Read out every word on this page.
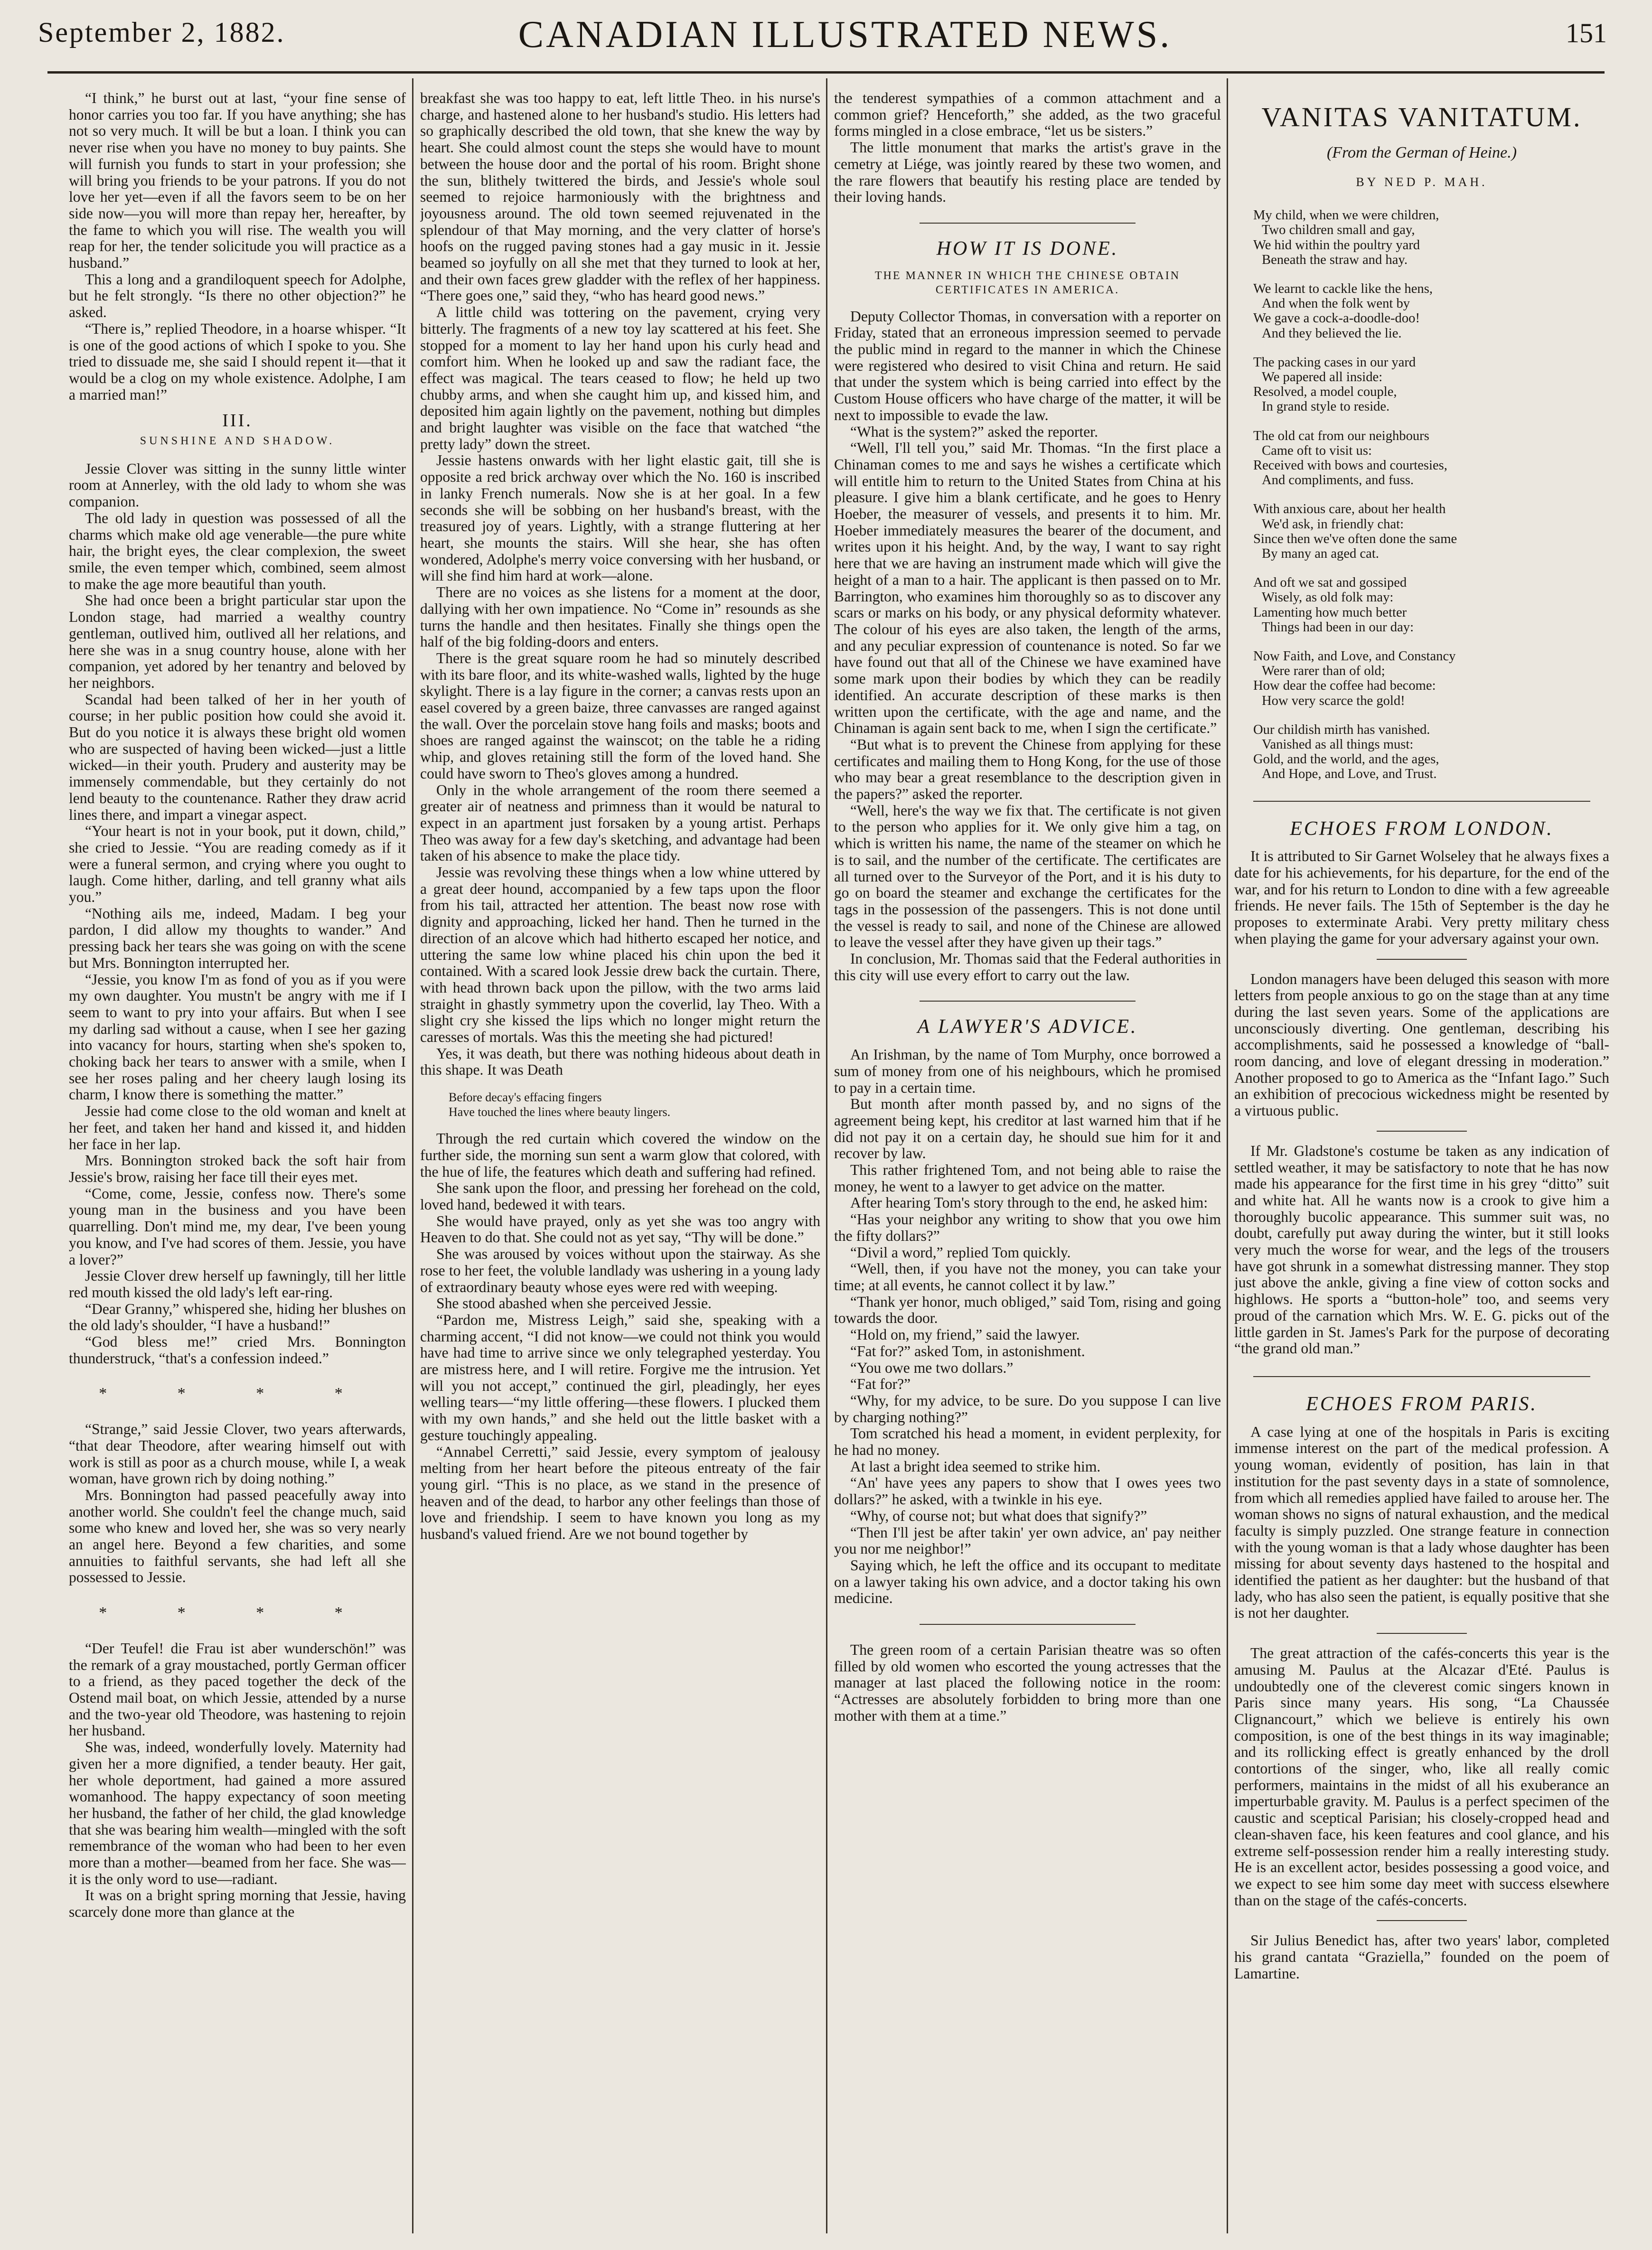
September 2, 1882.	CANADIAN ILLUSTRATED NEWS.	151

“I think,” he burst out at last, “your fine sense of honor carries you too far. If you have anything; she has not so very much. It will be but a loan. I think you can never rise when you have no money to buy paints. She will furnish you funds to start in your profession; she will bring you friends to be your patrons. If you do not love her yet—even if all the favors seem to be on her side now—you will more than repay her, hereafter, by the fame to which you will rise. The wealth you will reap for her, the tender solicitude you will practice as a husband.”

This a long and a grandiloquent speech for Adolphe, but he felt strongly. “Is there no other objection?” he asked.

“There is,” replied Theodore, in a hoarse whisper. “It is one of the good actions of which I spoke to you. She tried to dissuade me, she said I should repent it—that it would be a clog on my whole existence. Adolphe, I am a married man!”

III.
SUNSHINE AND SHADOW.

Jessie Clover was sitting in the sunny little winter room at Annerley, with the old lady to whom she was companion.

The old lady in question was possessed of all the charms which make old age venerable—the pure white hair, the bright eyes, the clear complexion, the sweet smile, the even temper which, combined, seem almost to make the age more beautiful than youth.

She had once been a bright particular star upon the London stage, had married a wealthy country gentleman, outlived him, outlived all her relations, and here she was in a snug country house, alone with her companion, yet adored by her tenantry and beloved by her neighbors.

Scandal had been talked of her in her youth of course; in her public position how could she avoid it. But do you notice it is always these bright old women who are suspected of having been wicked—just a little wicked—in their youth. Prudery and austerity may be immensely commendable, but they certainly do not lend beauty to the countenance. Rather they draw acrid lines there, and impart a vinegar aspect.

“Your heart is not in your book, put it down, child,” she cried to Jessie. “You are reading comedy as if it were a funeral sermon, and crying where you ought to laugh. Come hither, darling, and tell granny what ails you.”

“Nothing ails me, indeed, Madam. I beg your pardon, I did allow my thoughts to wander.” And pressing back her tears she was going on with the scene but Mrs. Bonnington interrupted her.

“Jessie, you know I'm as fond of you as if you were my own daughter. You mustn't be angry with me if I seem to want to pry into your affairs. But when I see my darling sad without a cause, when I see her gazing into vacancy for hours, starting when she's spoken to, choking back her tears to answer with a smile, when I see her roses paling and her cheery laugh losing its charm, I know there is something the matter.”

Jessie had come close to the old woman and knelt at her feet, and taken her hand and kissed it, and hidden her face in her lap.

Mrs. Bonnington stroked back the soft hair from Jessie's brow, raising her face till their eyes met.

“Come, come, Jessie, confess now. There's some young man in the business and you have been quarrelling. Don't mind me, my dear, I've been young you know, and I've had scores of them. Jessie, you have a lover?”

Jessie Clover drew herself up fawningly, till her little red mouth kissed the old lady's left ear-ring.

“Dear Granny,” whispered she, hiding her blushes on the old lady's shoulder, “I have a husband!”

“God bless me!” cried Mrs. Bonnington thunderstruck, “that's a confession indeed.”

* * * *

“Strange,” said Jessie Clover, two years afterwards, “that dear Theodore, after wearing himself out with work is still as poor as a church mouse, while I, a weak woman, have grown rich by doing nothing.”

Mrs. Bonnington had passed peacefully away into another world. She couldn't feel the change much, said some who knew and loved her, she was so very nearly an angel here. Beyond a few charities, and some annuities to faithful servants, she had left all she possessed to Jessie.

* * * *

“Der Teufel! die Frau ist aber wunderschön!” was the remark of a gray moustached, portly German officer to a friend, as they paced together the deck of the Ostend mail boat, on which Jessie, attended by a nurse and the two-year old Theodore, was hastening to rejoin her husband.

She was, indeed, wonderfully lovely. Maternity had given her a more dignified, a tender beauty. Her gait, her whole deportment, had gained a more assured womanhood. The happy expectancy of soon meeting her husband, the father of her child, the glad knowledge that she was bearing him wealth—mingled with the soft remembrance of the woman who had been to her even more than a mother—beamed from her face. She was—it is the only word to use—radiant.

It was on a bright spring morning that Jessie, having scarcely done more than glance at the

breakfast she was too happy to eat, left little Theo. in his nurse's charge, and hastened alone to her husband's studio. His letters had so graphically described the old town, that she knew the way by heart. She could almost count the steps she would have to mount between the house door and the portal of his room. Bright shone the sun, blithely twittered the birds, and Jessie's whole soul seemed to rejoice harmoniously with the brightness and joyousness around. The old town seemed rejuvenated in the splendour of that May morning, and the very clatter of horse's hoofs on the rugged paving stones had a gay music in it. Jessie beamed so joyfully on all she met that they turned to look at her, and their own faces grew gladder with the reflex of her happiness. “There goes one,” said they, “who has heard good news.”

A little child was tottering on the pavement, crying very bitterly. The fragments of a new toy lay scattered at his feet. She stopped for a moment to lay her hand upon his curly head and comfort him. When he looked up and saw the radiant face, the effect was magical. The tears ceased to flow; he held up two chubby arms, and when she caught him up, and kissed him, and deposited him again lightly on the pavement, nothing but dimples and bright laughter was visible on the face that watched “the pretty lady” down the street.

Jessie hastens onwards with her light elastic gait, till she is opposite a red brick archway over which the No. 160 is inscribed in lanky French numerals. Now she is at her goal. In a few seconds she will be sobbing on her husband's breast, with the treasured joy of years. Lightly, with a strange fluttering at her heart, she mounts the stairs. Will she hear, she has often wondered, Adolphe's merry voice conversing with her husband, or will she find him hard at work—alone.

There are no voices as she listens for a moment at the door, dallying with her own impatience. No “Come in” resounds as she turns the handle and then hesitates. Finally she things open the half of the big folding-doors and enters.

There is the great square room he had so minutely described with its bare floor, and its white-washed walls, lighted by the huge skylight. There is a lay figure in the corner; a canvas rests upon an easel covered by a green baize, three canvasses are ranged against the wall. Over the porcelain stove hang foils and masks; boots and shoes are ranged against the wainscot; on the table he a riding whip, and gloves retaining still the form of the loved hand. She could have sworn to Theo's gloves among a hundred.

Only in the whole arrangement of the room there seemed a greater air of neatness and primness than it would be natural to expect in an apartment just forsaken by a young artist. Perhaps Theo was away for a few day's sketching, and advantage had been taken of his absence to make the place tidy.

Jessie was revolving these things when a low whine uttered by a great deer hound, accompanied by a few taps upon the floor from his tail, attracted her attention. The beast now rose with dignity and approaching, licked her hand. Then he turned in the direction of an alcove which had hitherto escaped her notice, and uttering the same low whine placed his chin upon the bed it contained. With a scared look Jessie drew back the curtain. There, with head thrown back upon the pillow, with the two arms laid straight in ghastly symmetry upon the coverlid, lay Theo. With a slight cry she kissed the lips which no longer might return the caresses of mortals. Was this the meeting she had pictured!

Yes, it was death, but there was nothing hideous about death in this shape. It was Death

Before decay's effacing fingers
Have touched the lines where beauty lingers.

Through the red curtain which covered the window on the further side, the morning sun sent a warm glow that colored, with the hue of life, the features which death and suffering had refined.

She sank upon the floor, and pressing her forehead on the cold, loved hand, bedewed it with tears.

She would have prayed, only as yet she was too angry with Heaven to do that. She could not as yet say, “Thy will be done.”

She was aroused by voices without upon the stairway. As she rose to her feet, the voluble landlady was ushering in a young lady of extraordinary beauty whose eyes were red with weeping.

She stood abashed when she perceived Jessie.

“Pardon me, Mistress Leigh,” said she, speaking with a charming accent, “I did not know—we could not think you would have had time to arrive since we only telegraphed yesterday. You are mistress here, and I will retire. Forgive me the intrusion. Yet will you not accept,” continued the girl, pleadingly, her eyes welling tears—“my little offering—these flowers. I plucked them with my own hands,” and she held out the little basket with a gesture touchingly appealing.

“Annabel Cerretti,” said Jessie, every symptom of jealousy melting from her heart before the piteous entreaty of the fair young girl. “This is no place, as we stand in the presence of heaven and of the dead, to harbor any other feelings than those of love and friendship. I seem to have known you long as my husband's valued friend. Are we not bound together by

the tenderest sympathies of a common attachment and a common grief? Henceforth,” she added, as the two graceful forms mingled in a close embrace, “let us be sisters.”

The little monument that marks the artist's grave in the cemetry at Liége, was jointly reared by these two women, and the rare flowers that beautify his resting place are tended by their loving hands.

HOW IT IS DONE.
THE MANNER IN WHICH THE CHINESE OBTAIN CERTIFICATES IN AMERICA.

Deputy Collector Thomas, in conversation with a reporter on Friday, stated that an erroneous impression seemed to pervade the public mind in regard to the manner in which the Chinese were registered who desired to visit China and return. He said that under the system which is being carried into effect by the Custom House officers who have charge of the matter, it will be next to impossible to evade the law.

“What is the system?” asked the reporter.

“Well, I'll tell you,” said Mr. Thomas. “In the first place a Chinaman comes to me and says he wishes a certificate which will entitle him to return to the United States from China at his pleasure. I give him a blank certificate, and he goes to Henry Hoeber, the measurer of vessels, and presents it to him. Mr. Hoeber immediately measures the bearer of the document, and writes upon it his height. And, by the way, I want to say right here that we are having an instrument made which will give the height of a man to a hair. The applicant is then passed on to Mr. Barrington, who examines him thoroughly so as to discover any scars or marks on his body, or any physical deformity whatever. The colour of his eyes are also taken, the length of the arms, and any peculiar expression of countenance is noted. So far we have found out that all of the Chinese we have examined have some mark upon their bodies by which they can be readily identified. An accurate description of these marks is then written upon the certificate, with the age and name, and the Chinaman is again sent back to me, when I sign the certificate.”

“But what is to prevent the Chinese from applying for these certificates and mailing them to Hong Kong, for the use of those who may bear a great resemblance to the description given in the papers?” asked the reporter.

“Well, here's the way we fix that. The certificate is not given to the person who applies for it. We only give him a tag, on which is written his name, the name of the steamer on which he is to sail, and the number of the certificate. The certificates are all turned over to the Surveyor of the Port, and it is his duty to go on board the steamer and exchange the certificates for the tags in the possession of the passengers. This is not done until the vessel is ready to sail, and none of the Chinese are allowed to leave the vessel after they have given up their tags.”

In conclusion, Mr. Thomas said that the Federal authorities in this city will use every effort to carry out the law.

A LAWYER'S ADVICE.

An Irishman, by the name of Tom Murphy, once borrowed a sum of money from one of his neighbours, which he promised to pay in a certain time.

But month after month passed by, and no signs of the agreement being kept, his creditor at last warned him that if he did not pay it on a certain day, he should sue him for it and recover by law.

This rather frightened Tom, and not being able to raise the money, he went to a lawyer to get advice on the matter.

After hearing Tom's story through to the end, he asked him:

“Has your neighbor any writing to show that you owe him the fifty dollars?”

“Divil a word,” replied Tom quickly.

“Well, then, if you have not the money, you can take your time; at all events, he cannot collect it by law.”

“Thank yer honor, much obliged,” said Tom, rising and going towards the door.

“Hold on, my friend,” said the lawyer.

“Fat for?” asked Tom, in astonishment.

“You owe me two dollars.”

“Fat for?”

“Why, for my advice, to be sure. Do you suppose I can live by charging nothing?”

Tom scratched his head a moment, in evident perplexity, for he had no money.

At last a bright idea seemed to strike him.

“An' have yees any papers to show that I owes yees two dollars?” he asked, with a twinkle in his eye.

“Why, of course not; but what does that signify?”

“Then I'll jest be after takin' yer own advice, an' pay neither you nor me neighbor!”

Saying which, he left the office and its occupant to meditate on a lawyer taking his own advice, and a doctor taking his own medicine.

The green room of a certain Parisian theatre was so often filled by old women who escorted the young actresses that the manager at last placed the following notice in the room: “Actresses are absolutely forbidden to bring more than one mother with them at a time.”

VANITAS VANITATUM.
(From the German of Heine.)
BY NED P. MAH.
My child, when we were children,
Two children small and gay,
We hid within the poultry yard
Beneath the straw and hay.
We learnt to cackle like the hens,
And when the folk went by
We gave a cock-a-doodle-doo!
And they believed the lie.
The packing cases in our yard
We papered all inside:
Resolved, a model couple,
In grand style to reside.
The old cat from our neighbours
Came oft to visit us:
Received with bows and courtesies,
And compliments, and fuss.
With anxious care, about her health
We'd ask, in friendly chat:
Since then we've often done the same
By many an aged cat.
And oft we sat and gossiped
Wisely, as old folk may:
Lamenting how much better
Things had been in our day:
Now Faith, and Love, and Constancy
Were rarer than of old;
How dear the coffee had become:
How very scarce the gold!
Our childish mirth has vanished.
Vanished as all things must:
Gold, and the world, and the ages,
And Hope, and Love, and Trust.
ECHOES FROM LONDON.

It is attributed to Sir Garnet Wolseley that he always fixes a date for his achievements, for his departure, for the end of the war, and for his return to London to dine with a few agreeable friends. He never fails. The 15th of September is the day he proposes to exterminate Arabi. Very pretty military chess when playing the game for your adversary against your own.

London managers have been deluged this season with more letters from people anxious to go on the stage than at any time during the last seven years. Some of the applications are unconsciously diverting. One gentleman, describing his accomplishments, said he possessed a knowledge of “ball-room dancing, and love of elegant dressing in moderation.” Another proposed to go to America as the “Infant Iago.” Such an exhibition of precocious wickedness might be resented by a virtuous public.

If Mr. Gladstone's costume be taken as any indication of settled weather, it may be satisfactory to note that he has now made his appearance for the first time in his grey “ditto” suit and white hat. All he wants now is a crook to give him a thoroughly bucolic appearance. This summer suit was, no doubt, carefully put away during the winter, but it still looks very much the worse for wear, and the legs of the trousers have got shrunk in a somewhat distressing manner. They stop just above the ankle, giving a fine view of cotton socks and highlows. He sports a “button-hole” too, and seems very proud of the carnation which Mrs. W. E. G. picks out of the little garden in St. James's Park for the purpose of decorating “the grand old man.”

ECHOES FROM PARIS.

A case lying at one of the hospitals in Paris is exciting immense interest on the part of the medical profession. A young woman, evidently of position, has lain in that institution for the past seventy days in a state of somnolence, from which all remedies applied have failed to arouse her. The woman shows no signs of natural exhaustion, and the medical faculty is simply puzzled. One strange feature in connection with the young woman is that a lady whose daughter has been missing for about seventy days hastened to the hospital and identified the patient as her daughter: but the husband of that lady, who has also seen the patient, is equally positive that she is not her daughter.

The great attraction of the cafés-concerts this year is the amusing M. Paulus at the Alcazar d'Eté. Paulus is undoubtedly one of the cleverest comic singers known in Paris since many years. His song, “La Chaussée Clignancourt,” which we believe is entirely his own composition, is one of the best things in its way imaginable; and its rollicking effect is greatly enhanced by the droll contortions of the singer, who, like all really comic performers, maintains in the midst of all his exuberance an imperturbable gravity. M. Paulus is a perfect specimen of the caustic and sceptical Parisian; his closely-cropped head and clean-shaven face, his keen features and cool glance, and his extreme self-possession render him a really interesting study. He is an excellent actor, besides possessing a good voice, and we expect to see him some day meet with success elsewhere than on the stage of the cafés-concerts.

Sir Julius Benedict has, after two years' labor, completed his grand cantata “Graziella,” founded on the poem of Lamartine.
